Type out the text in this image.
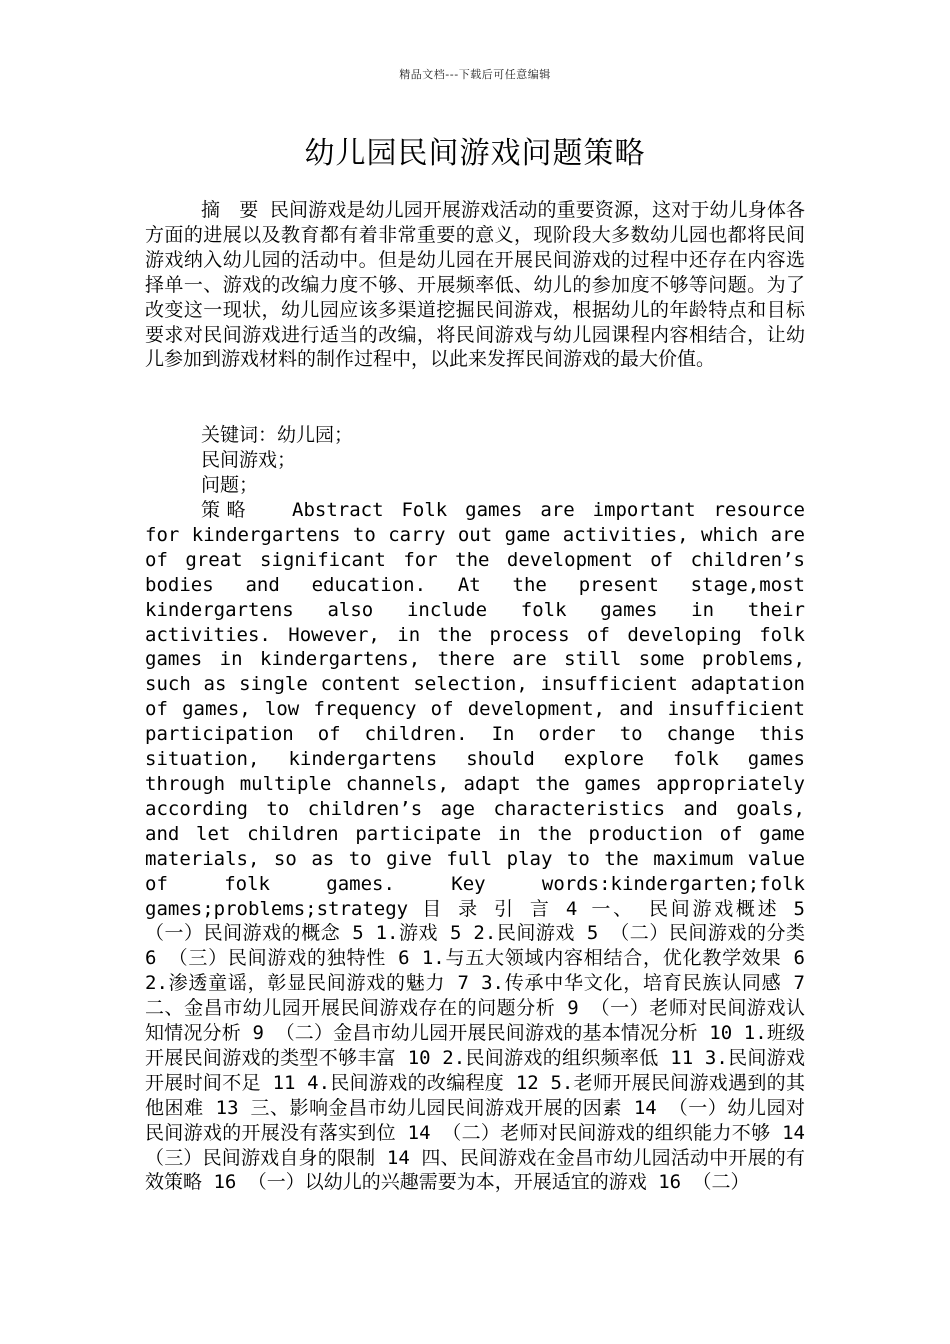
精品文档---下载后可任意编辑
幼儿园民间游戏问题策略
摘　要 民间游戏是幼儿园开展游戏活动的重要资源，这对于幼儿身体各方面的进展以及教育都有着非常重要的意义，现阶段大多数幼儿园也都将民间游戏纳入幼儿园的活动中。但是幼儿园在开展民间游戏的过程中还存在内容选择单一、游戏的改编力度不够、开展频率低、幼儿的参加度不够等问题。为了改变这一现状，幼儿园应该多渠道挖掘民间游戏，根据幼儿的年龄特点和目标要求对民间游戏进行适当的改编，将民间游戏与幼儿园课程内容相结合，让幼儿参加到游戏材料的制作过程中，以此来发挥民间游戏的最大价值。
关键词：幼儿园；
民间游戏；
问题；
策略 Abstract Folk games are important resource for kindergartens to carry out game activities, which are of great significant for the development of children’s bodies and education. At the present stage,most kindergartens also include folk games in their activities. However, in the process of developing folk games in kindergartens, there are still some problems, such as single content selection, insufficient adaptation of games, low frequency of development, and insufficient participation of children. In order to change this situation, kindergartens should explore folk games through multiple channels, adapt the games appropriately according to children’s age characteristics and goals, and let children participate in the production of game materials, so as to give full play to the maximum value of folk games. Key words:kindergarten;folk games;problems;strategy 目 录 引 言 4 一、 民间游戏概述 5 （一）民间游戏的概念 5 1.游戏 5 2.民间游戏 5 （二）民间游戏的分类 6 （三）民间游戏的独特性 6 1.与五大领域内容相结合，优化教学效果 6 2.渗透童谣，彰显民间游戏的魅力 7 3.传承中华文化，培育民族认同感 7 二、金昌市幼儿园开展民间游戏存在的问题分析 9 （一）老师对民间游戏认知情况分析 9 （二）金昌市幼儿园开展民间游戏的基本情况分析 10 1.班级开展民间游戏的类型不够丰富 10 2.民间游戏的组织频率低 11 3.民间游戏开展时间不足 11 4.民间游戏的改编程度 12 5.老师开展民间游戏遇到的其他困难 13 三、影响金昌市幼儿园民间游戏开展的因素 14 （一）幼儿园对民间游戏的开展没有落实到位 14 （二）老师对民间游戏的组织能力不够 14 （三）民间游戏自身的限制 14 四、民间游戏在金昌市幼儿园活动中开展的有效策略 16 （一）以幼儿的兴趣需要为本，开展适宜的游戏 16 （二）
